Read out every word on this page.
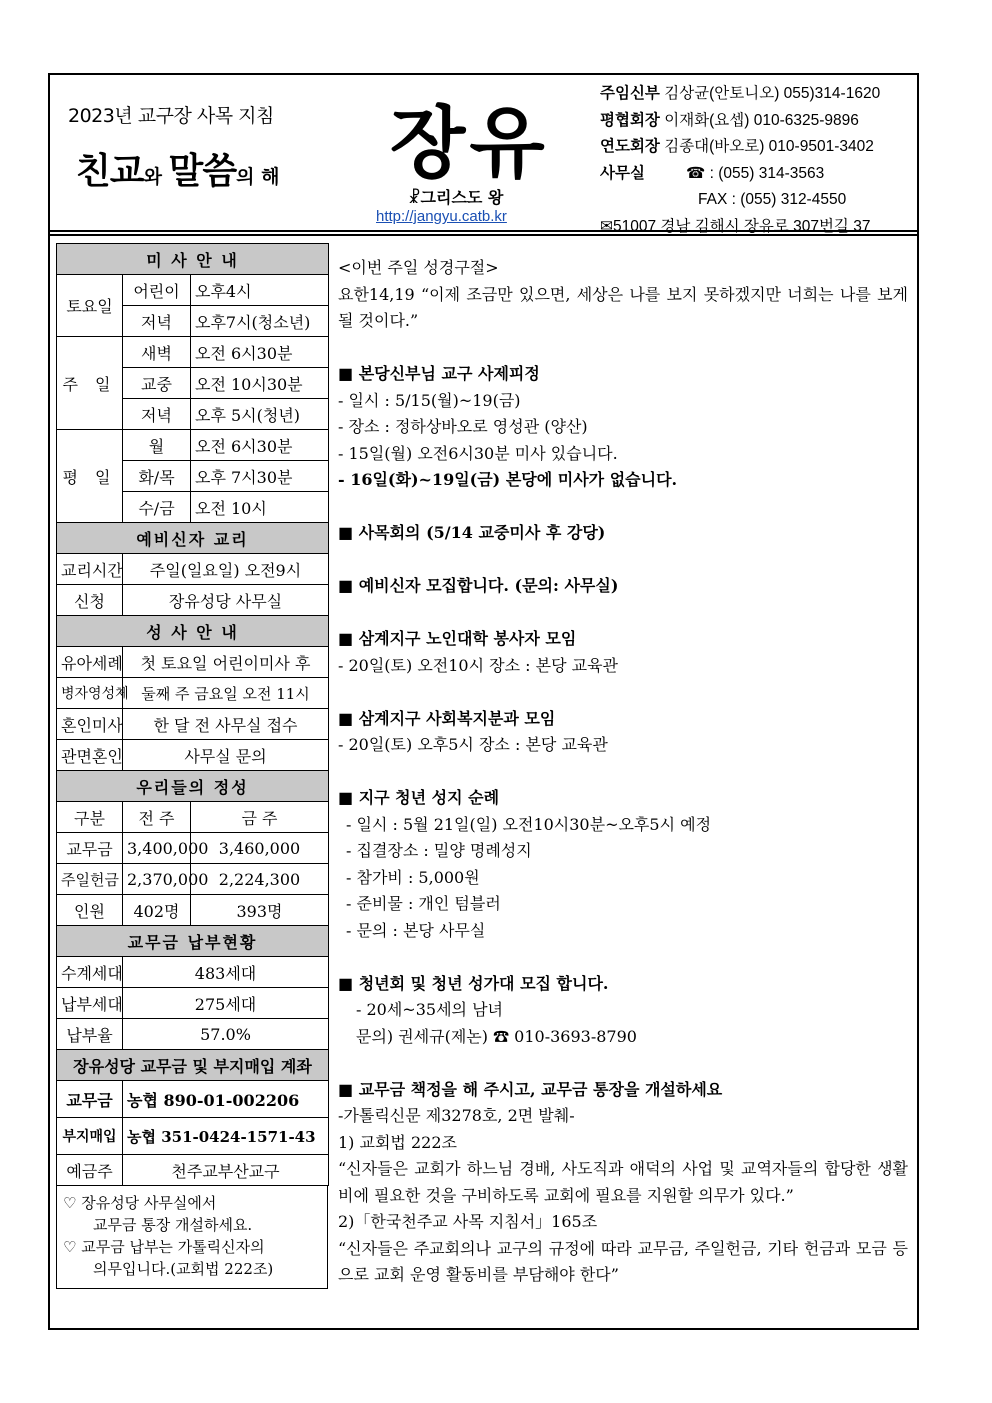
2023년 교구장 사목 지침
친교와 말씀의 해 장유
☧그리스도 왕
http://jangyu.catb.kr
주임신부 김상균(안토니오) 055)314-1620
평협회장 이재화(요셉) 010-6325-9896
연도회장 김종대(바오로) 010-9501-3402
사무실	☎ : (055) 314-3563
FAX : (055) 312-4550
✉51007 경남 김해시 장유로 307번길 37
미 사 안 내		
토요일	어린이	오후4시
	저녁	오후7시(청소년)
주 일	새벽	오전 6시30분
	교중	오전 10시30분
	저녁	오후 5시(청년)
평 일	월	오전 6시30분
	화/목	오후 7시30분
	수/금	오전 10시
예비신자 교리		
교리시간	주일(일요일) 오전9시	
신청	장유성당 사무실	
성 사 안 내		
유아세례	첫 토요일 어린이미사 후	
병자영성체	둘째 주 금요일 오전 11시	
혼인미사	한 달 전 사무실 접수	
관면혼인	사무실 문의	
우리들의 정성		
구분	전 주	금 주
교무금	3,400,000	3,460,000
주일헌금	2,370,000	2,224,300
인원	402명	393명
교무금 납부현황		
수계세대	483세대	
납부세대	275세대	
납부율	57.0%	
장유성당 교무금 및 부지매입 계좌		
교무금	농협 890-01-002206	
부지매입	농협 351-0424-1571-43	
예금주	천주교부산교구	
♡ 장유성당 사무실에서
교무금 통장 개설하세요.
♡ 교무금 납부는 가톨릭신자의
의무입니다.(교회법 222조)

<이번 주일 성경구절>

요한14,19 “이제 조금만 있으면, 세상은 나를 보지 못하겠지만 너희는 나를 보게 될 것이다.”

■ 본당신부님 교구 사제피정

- 일시 : 5/15(월)~19(금)

- 장소 : 정하상바오로 영성관 (양산)

- 15일(월) 오전6시30분 미사 있습니다.

- 16일(화)~19일(금) 본당에 미사가 없습니다.

■ 사목회의 (5/14 교중미사 후 강당)

■ 예비신자 모집합니다. (문의: 사무실)

■ 삼계지구 노인대학 봉사자 모임

- 20일(토) 오전10시 장소 : 본당 교육관

■ 삼계지구 사회복지분과 모임

- 20일(토) 오후5시 장소 : 본당 교육관

■ 지구 청년 성지 순례

- 일시 : 5월 21일(일) 오전10시30분~오후5시 예정

- 집결장소 : 밀양 명례성지

- 참가비 : 5,000원

- 준비물 : 개인 텀블러

- 문의 : 본당 사무실

■ 청년회 및 청년 성가대 모집 합니다.

- 20세~35세의 남녀

문의) 권세규(제논) ☎ 010-3693-8790

■ 교무금 책정을 해 주시고, 교무금 통장을 개설하세요

-가톨릭신문 제3278호, 2면 발췌-

1) 교회법 222조

“신자들은 교회가 하느님 경배, 사도직과 애덕의 사업 및 교역자들의 합당한 생활비에 필요한 것을 구비하도록 교회에 필요를 지원할 의무가 있다.”

2)「한국천주교 사목 지침서」165조

“신자들은 주교회의나 교구의 규정에 따라 교무금, 주일헌금, 기타 헌금과 모금 등으로 교회 운영 활동비를 부담해야 한다”
